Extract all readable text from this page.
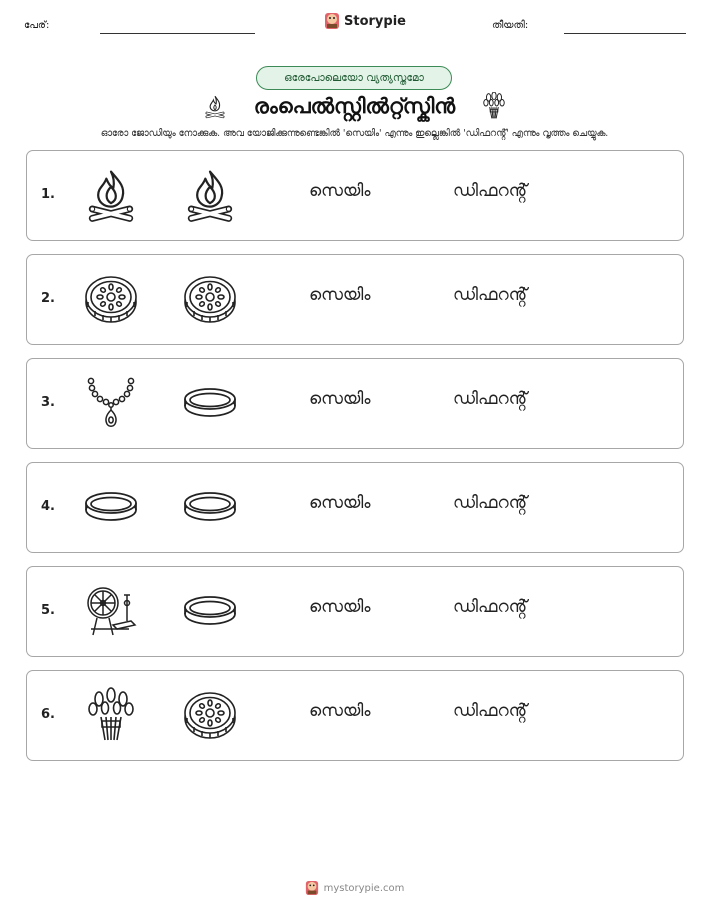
പേര്:	Storypie	തീയതി:
ഒരേപോലെയോ വ്യത്യസ്തമോ
രംപെൽസ്റ്റിൽറ്റ്സ്കിൻ
ഓരോ ജോഡിയും നോക്കുക. അവ യോജിക്കുന്നുണ്ടെങ്കിൽ 'സെയിം' എന്നും ഇല്ലെങ്കിൽ 'ഡിഫറൻ്റ്' എന്നും വൃത്തം ചെയ്യുക.
1.	സെയിം	ഡിഫറൻ്റ്
2.	സെയിം	ഡിഫറൻ്റ്
3.	സെയിം	ഡിഫറൻ്റ്
4.	സെയിം	ഡിഫറൻ്റ്
5.	സെയിം	ഡിഫറൻ്റ്
6.	സെയിം	ഡിഫറൻ്റ്
mystorypie.com
